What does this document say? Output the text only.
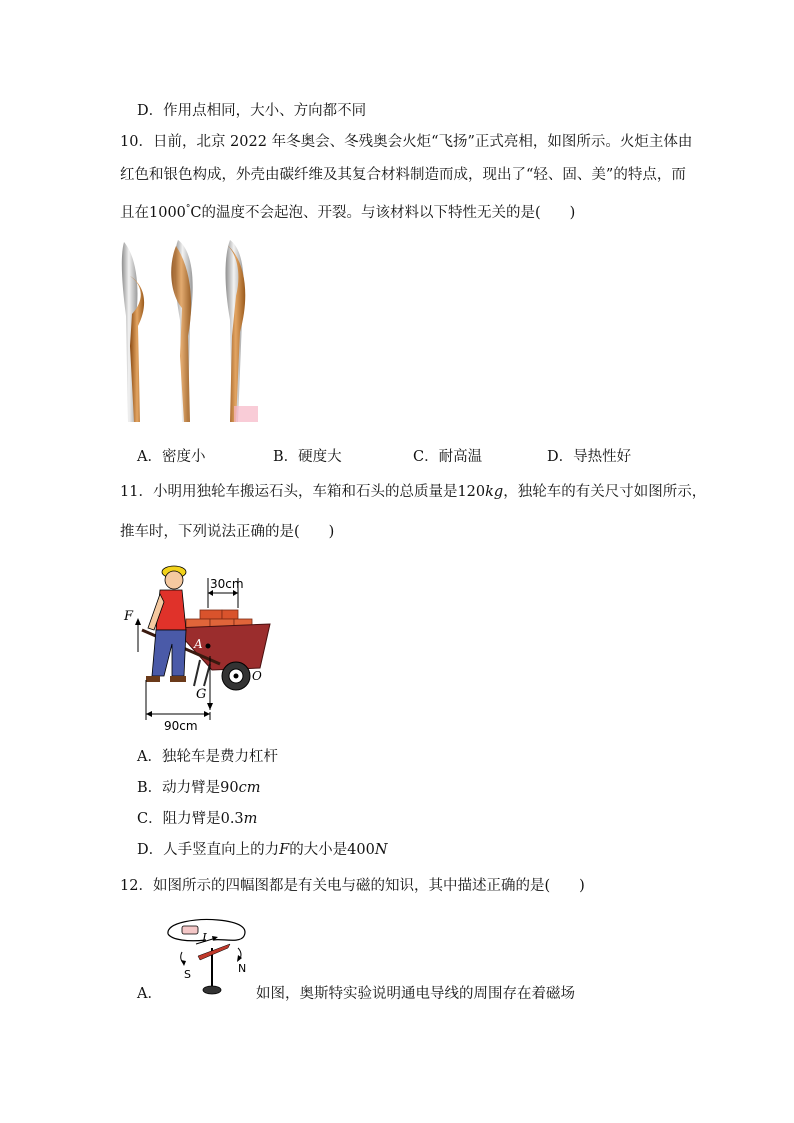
D．作用点相同，大小、方向都不同
10．日前，北京 2022 年冬奥会、冬残奥会火炬“飞扬”正式亮相，如图所示。火炬主体由
红色和银色构成，外壳由碳纤维及其复合材料制造而成，现出了“轻、固、美”的特点，而
且在1000°C的温度不会起泡、开裂。与该材料以下特性无关的是(　　)
A．密度小	B．硬度大	C．耐高温	D．导热性好
11．小明用独轮车搬运石头，车箱和石头的总质量是120kg，独轮车的有关尺寸如图所示，
推车时，下列说法正确的是(　　)
30cm
O
A
G
F
90cm
A．独轮车是费力杠杆
B．动力臂是90cm
C．阻力臂是0.3m
D．人手竖直向上的力F的大小是400N
12．如图所示的四幅图都是有关电与磁的知识，其中描述正确的是(　　)
I
S	N
A．	如图，奥斯特实验说明通电导线的周围存在着磁场
